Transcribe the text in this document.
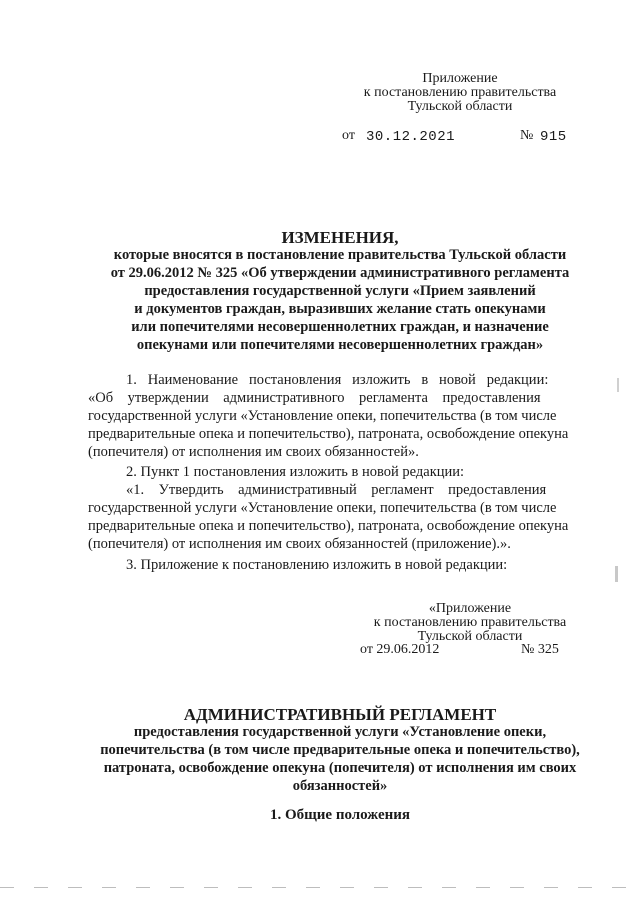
Приложение
к постановлению правительства
Тульской области
от 30.12.2021	№ 915
ИЗМЕНЕНИЯ,
которые вносятся в постановление правительства Тульской области
от 29.06.2012 № 325 «Об утверждении административного регламента
предоставления государственной услуги «Прием заявлений
и документов граждан, выразивших желание стать опекунами
или попечителями несовершеннолетних граждан, и назначение
опекунами или попечителями несовершеннолетних граждан»
1.   Наименование   постановления   изложить   в   новой   редакции:
«Об    утверждении    административного    регламента    предоставления
государственной услуги «Установление опеки, попечительства (в том числе
предварительные опека и попечительство), патроната, освобождение опекуна
(попечителя) от исполнения им своих обязанностей».
2. Пункт 1 постановления изложить в новой редакции:
«1.    Утвердить    административный    регламент    предоставления
государственной услуги «Установление опеки, попечительства (в том числе
предварительные опека и попечительство), патроната, освобождение опекуна
(попечителя) от исполнения им своих обязанностей (приложение).».
3. Приложение к постановлению изложить в новой редакции:
«Приложение
к постановлению правительства
Тульской области
от 29.06.2012	№ 325
АДМИНИСТРАТИВНЫЙ РЕГЛАМЕНТ
предоставления государственной услуги «Установление опеки,
попечительства (в том числе предварительные опека и попечительство),
патроната, освобождение опекуна (попечителя) от исполнения им своих
обязанностей»
1. Общие положения
